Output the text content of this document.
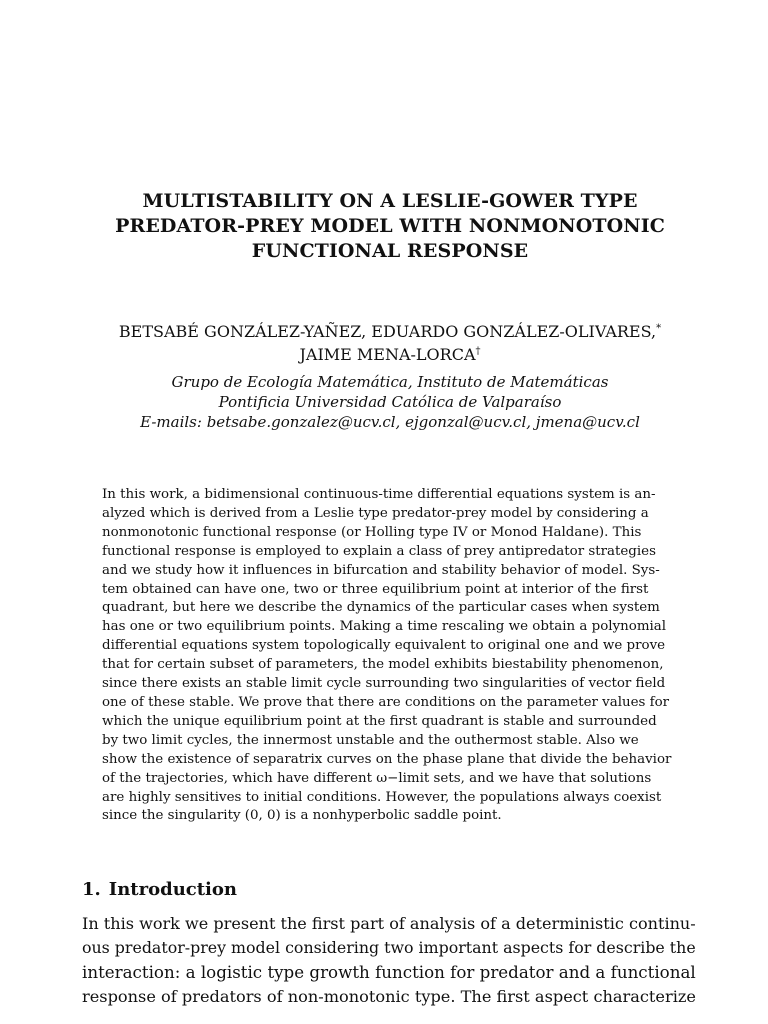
MULTISTABILITY ON A LESLIE-GOWER TYPE
PREDATOR-PREY MODEL WITH NONMONOTONIC
FUNCTIONAL RESPONSE
BETSABÉ GONZÁLEZ-YAÑEZ, EDUARDO GONZÁLEZ-OLIVARES,*
JAIME MENA-LORCA†
Grupo de Ecología Matemática, Instituto de Matemáticas
Pontificia Universidad Católica de Valparaíso
E-mails: betsabe.gonzalez@ucv.cl, ejgonzal@ucv.cl, jmena@ucv.cl
In this work, a bidimensional continuous-time differential equations system is an-
alyzed which is derived from a Leslie type predator-prey model by considering a
nonmonotonic functional response (or Holling type IV or Monod Haldane). This
functional response is employed to explain a class of prey antipredator strategies
and we study how it influences in bifurcation and stability behavior of model. Sys-
tem obtained can have one, two or three equilibrium point at interior of the first
quadrant, but here we describe the dynamics of the particular cases when system
has one or two equilibrium points. Making a time rescaling we obtain a polynomial
differential equations system topologically equivalent to original one and we prove
that for certain subset of parameters, the model exhibits biestability phenomenon,
since there exists an stable limit cycle surrounding two singularities of vector field
one of these stable. We prove that there are conditions on the parameter values for
which the unique equilibrium point at the first quadrant is stable and surrounded
by two limit cycles, the innermost unstable and the outhermost stable. Also we
show the existence of separatrix curves on the phase plane that divide the behavior
of the trajectories, which have different ω−limit sets, and we have that solutions
are highly sensitives to initial conditions. However, the populations always coexist
since the singularity (0, 0) is a nonhyperbolic saddle point.
1. Introduction
In this work we present the first part of analysis of a deterministic continu-
ous predator-prey model considering two important aspects for describe the
interaction: a logistic type growth function for predator and a functional
response of predators of non-monotonic type. The first aspect characterize
